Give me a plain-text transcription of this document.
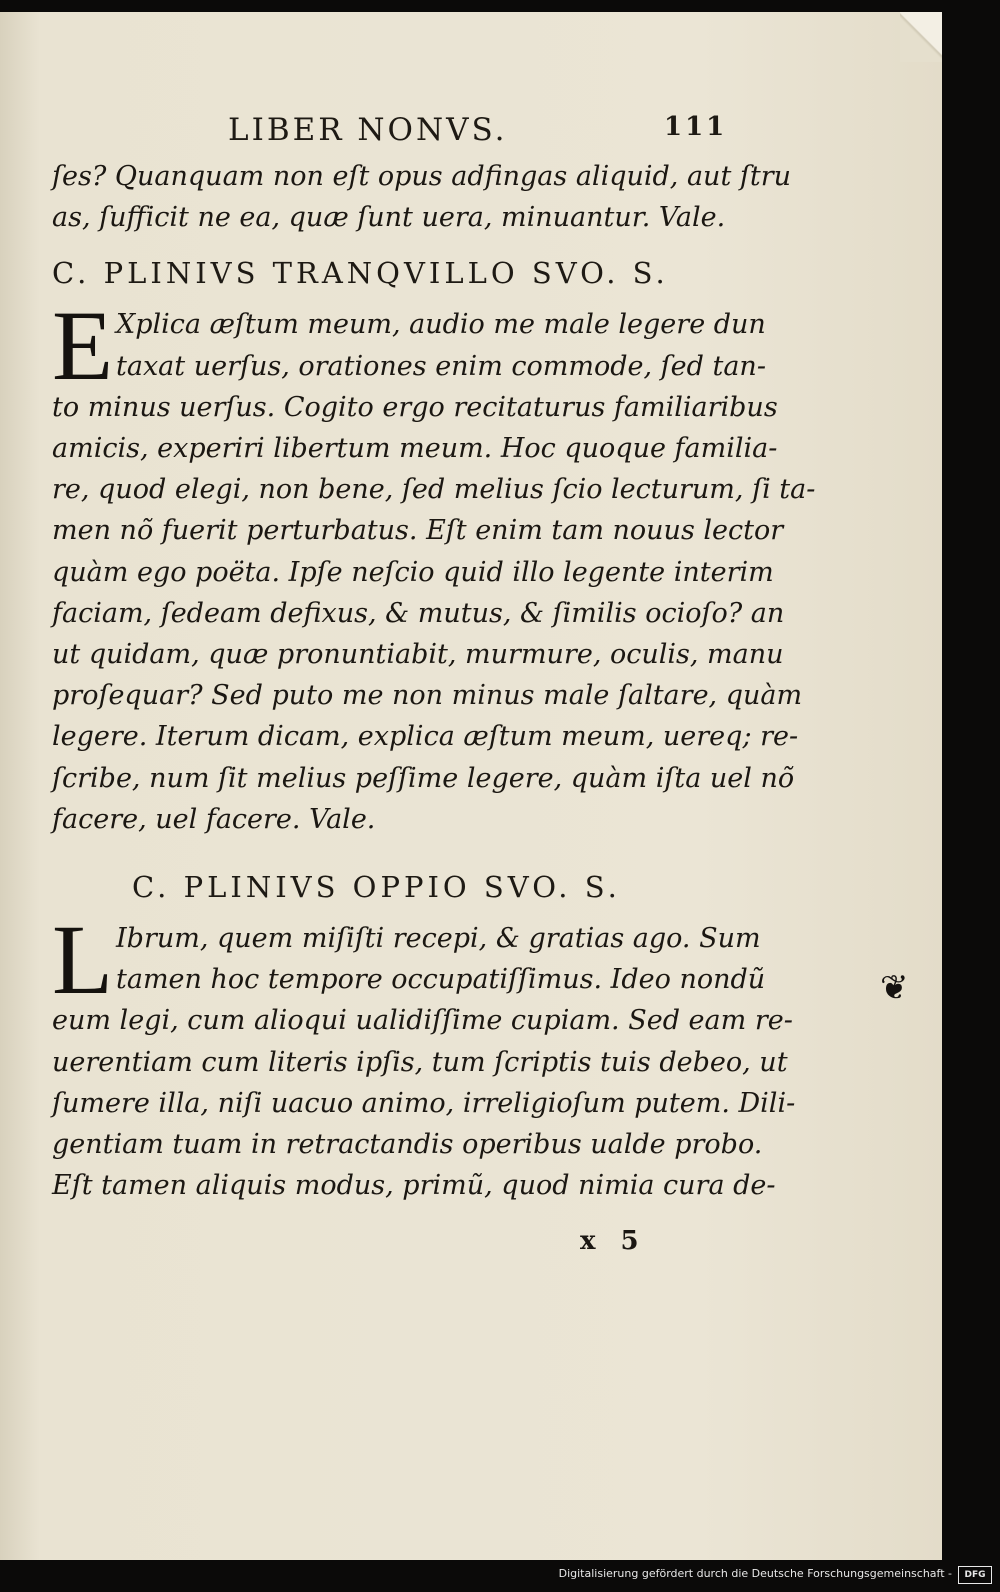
LIBER NONVS.	111
ſes? Quanquam non eſt opus adfingas aliquid, aut ſtru
as, ſufficit ne ea, quæ ſunt uera, minuantur. Vale.
C. PLINIVS TRANQVILLO SVO. S.
E Xplica æſtum meum, audio me male legere dun
taxat uerſus, orationes enim commode, ſed tan-
to minus uerſus. Cogito ergo recitaturus familiaribus
amicis, experiri libertum meum. Hoc quoque familia-
re, quod elegi, non bene, ſed melius ſcio lecturum, ſi ta-
men nõ fuerit perturbatus. Eſt enim tam nouus lector
quàm ego poëta. Ipſe neſcio quid illo legente interim
faciam, ſedeam defixus, & mutus, & ſimilis ocioſo? an
ut quidam, quæ pronuntiabit, murmure, oculis, manu
proſequar? Sed puto me non minus male ſaltare, quàm
legere. Iterum dicam, explica æſtum meum, uereq; re-
ſcribe, num ſit melius peſſime legere, quàm iſta uel nõ
facere, uel facere. Vale.
C. PLINIVS OPPIO SVO. S.
L Ibrum, quem miſiſti recepi, & gratias ago. Sum
tamen hoc tempore occupatiſſimus. Ideo nondũ
eum legi, cum alioqui ualidiſſime cupiam. Sed eam re-
uerentiam cum literis ipſis, tum ſcriptis tuis debeo, ut
ſumere illa, niſi uacuo animo, irreligioſum putem. Dili-
gentiam tuam in retractandis operibus ualde probo.
Eſt tamen aliquis modus, primũ, quod nimia cura de-
x 5
❦
Digitalisierung gefördert durch die Deutsche Forschungsgemeinschaft -	DFG
